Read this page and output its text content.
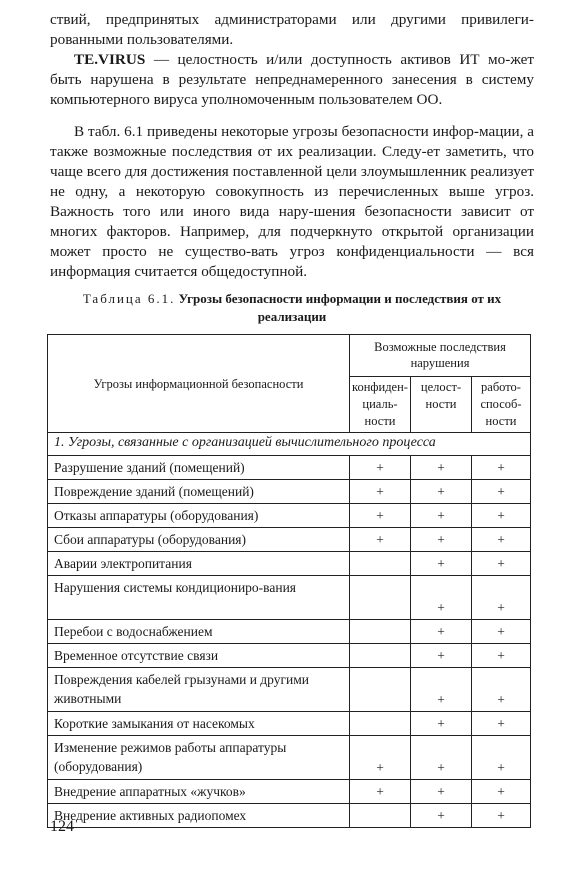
ствий, предпринятых администраторами или другими привилеги-рованными пользователями.
TE.VIRUS — целостность и/или доступность активов ИТ мо-жет быть нарушена в результате непреднамеренного занесения в систему компьютерного вируса уполномоченным пользователем ОО.
В табл. 6.1 приведены некоторые угрозы безопасности инфор-мации, а также возможные последствия от их реализации. Следу-ет заметить, что чаще всего для достижения поставленной цели злоумышленник реализует не одну, а некоторую совокупность из перечисленных выше угроз. Важность того или иного вида нару-шения безопасности зависит от многих факторов. Например, для подчеркнуто открытой организации может просто не существо-вать угроз конфиденциальности — вся информация считается общедоступной.
Таблица 6.1. Угрозы безопасности информации и последствия от их реализации
Угрозы информационной безопасности	Возможные последствия нарушения		
	конфиден-циаль-ности	целост-ности	работо-способ-ности
1. Угрозы, связанные с организацией вычислительного процесса			
Разрушение зданий (помещений)	+	+	+
Повреждение зданий (помещений)	+	+	+
Отказы аппаратуры (оборудования)	+	+	+
Сбои аппаратуры (оборудования)	+	+	+
Аварии электропитания		+	+
Нарушения системы кондициониро-вания		+	+
Перебои с водоснабжением		+	+
Временное отсутствие связи		+	+
Повреждения кабелей грызунами и другими животными		+	+
Короткие замыкания от насекомых		+	+
Изменение режимов работы аппаратуры (оборудования)	+	+	+
Внедрение аппаратных «жучков»	+	+	+
Внедрение активных радиопомех		+	+
124
